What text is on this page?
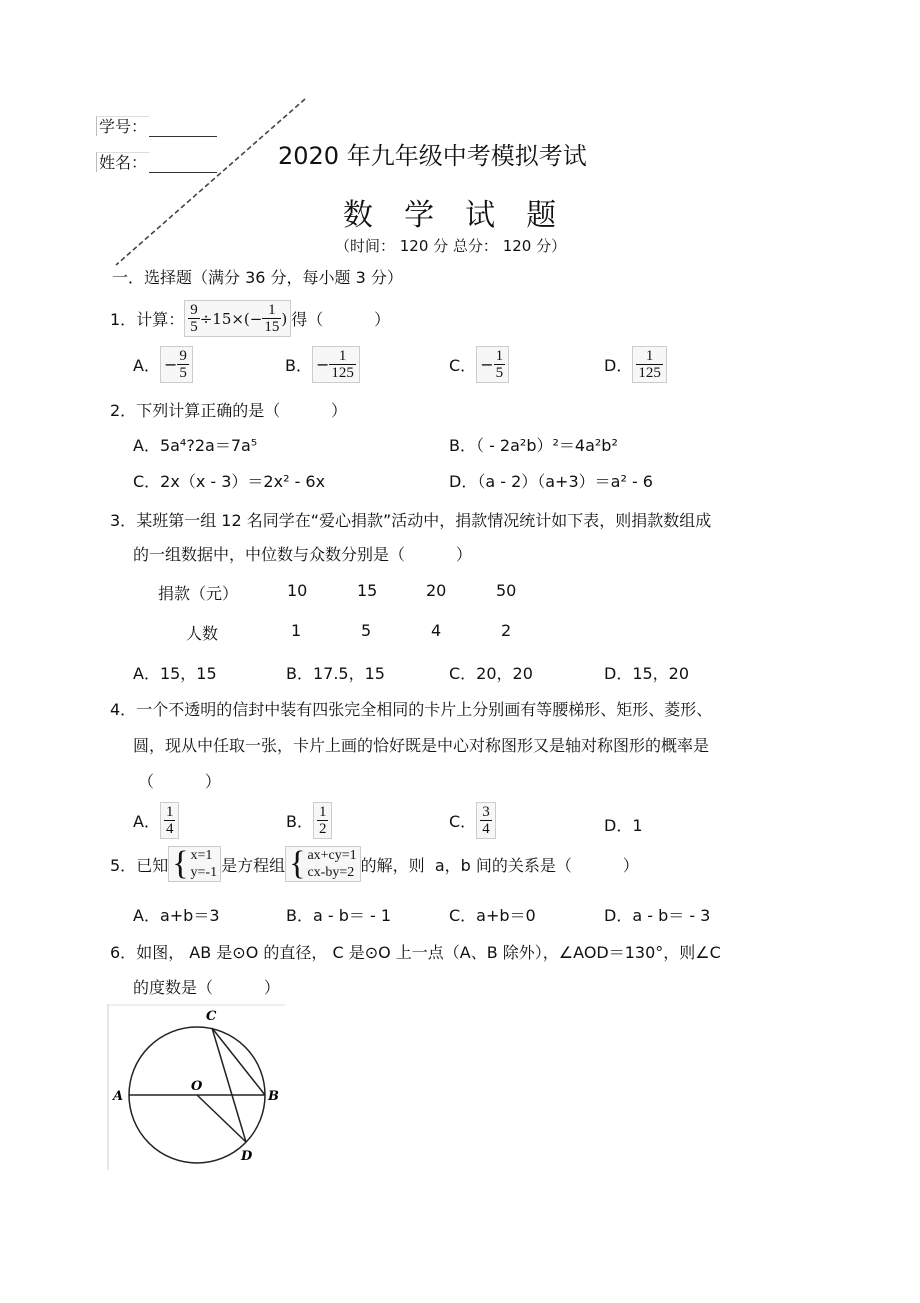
学号：
姓名：	2020 年九年级中考模拟考试
数  学  试  题
（时间： 120 分 总分： 120 分）
一．选择题（满分 36 分，每小题 3 分）
1． 计算： $\frac{9}{5} \div 15\times(- \frac{1}{15}$ ) 得（          ）
A． − $\frac{9}{5}$	B． − $\frac{1}{125}$	C． − $\frac{1}{5}$	D． $\frac{1}{125}$
2．下列计算正确的是（          ）
A．5a⁴?2a＝7a⁵	B．（ - 2a²b）²＝4a²b²
C．2x（x - 3）＝2x² - 6x	D．（a - 2）（a+3）＝a² - 6
3．某班第一组 12 名同学在“爱心捐款”活动中，捐款情况统计如下表，则捐款数组成
的一组数据中，中位数与众数分别是（          ）
捐款（元）	10	15	20	50
人数	1	5	4	2
A．15，15	B．17.5，15	C．20，20	D．15，20
4．一个不透明的信封中装有四张完全相同的卡片上分别画有等腰梯形、矩形、菱形、
圆，现从中任取一张，卡片上画的恰好既是中心对称图形又是轴对称图形的概率是
（          ）
A． $\frac{1}{4}$	B． $\frac{1}{2}$	C． $\frac{3}{4}$	D．1
5． 已知 { x=1
y=-1 是方程组 { ax+cy=1
cx-by=2 的解，则  a，b 间的关系是（          ）
A．a+b＝3	B．a - b＝ - 1	C．a+b＝0	D．a - b＝ - 3
6．如图， AB 是⊙O 的直径， C 是⊙O 上一点（A、B 除外），∠AOD＝130°，则∠C
的度数是（          ）
A	B
C
D
O
